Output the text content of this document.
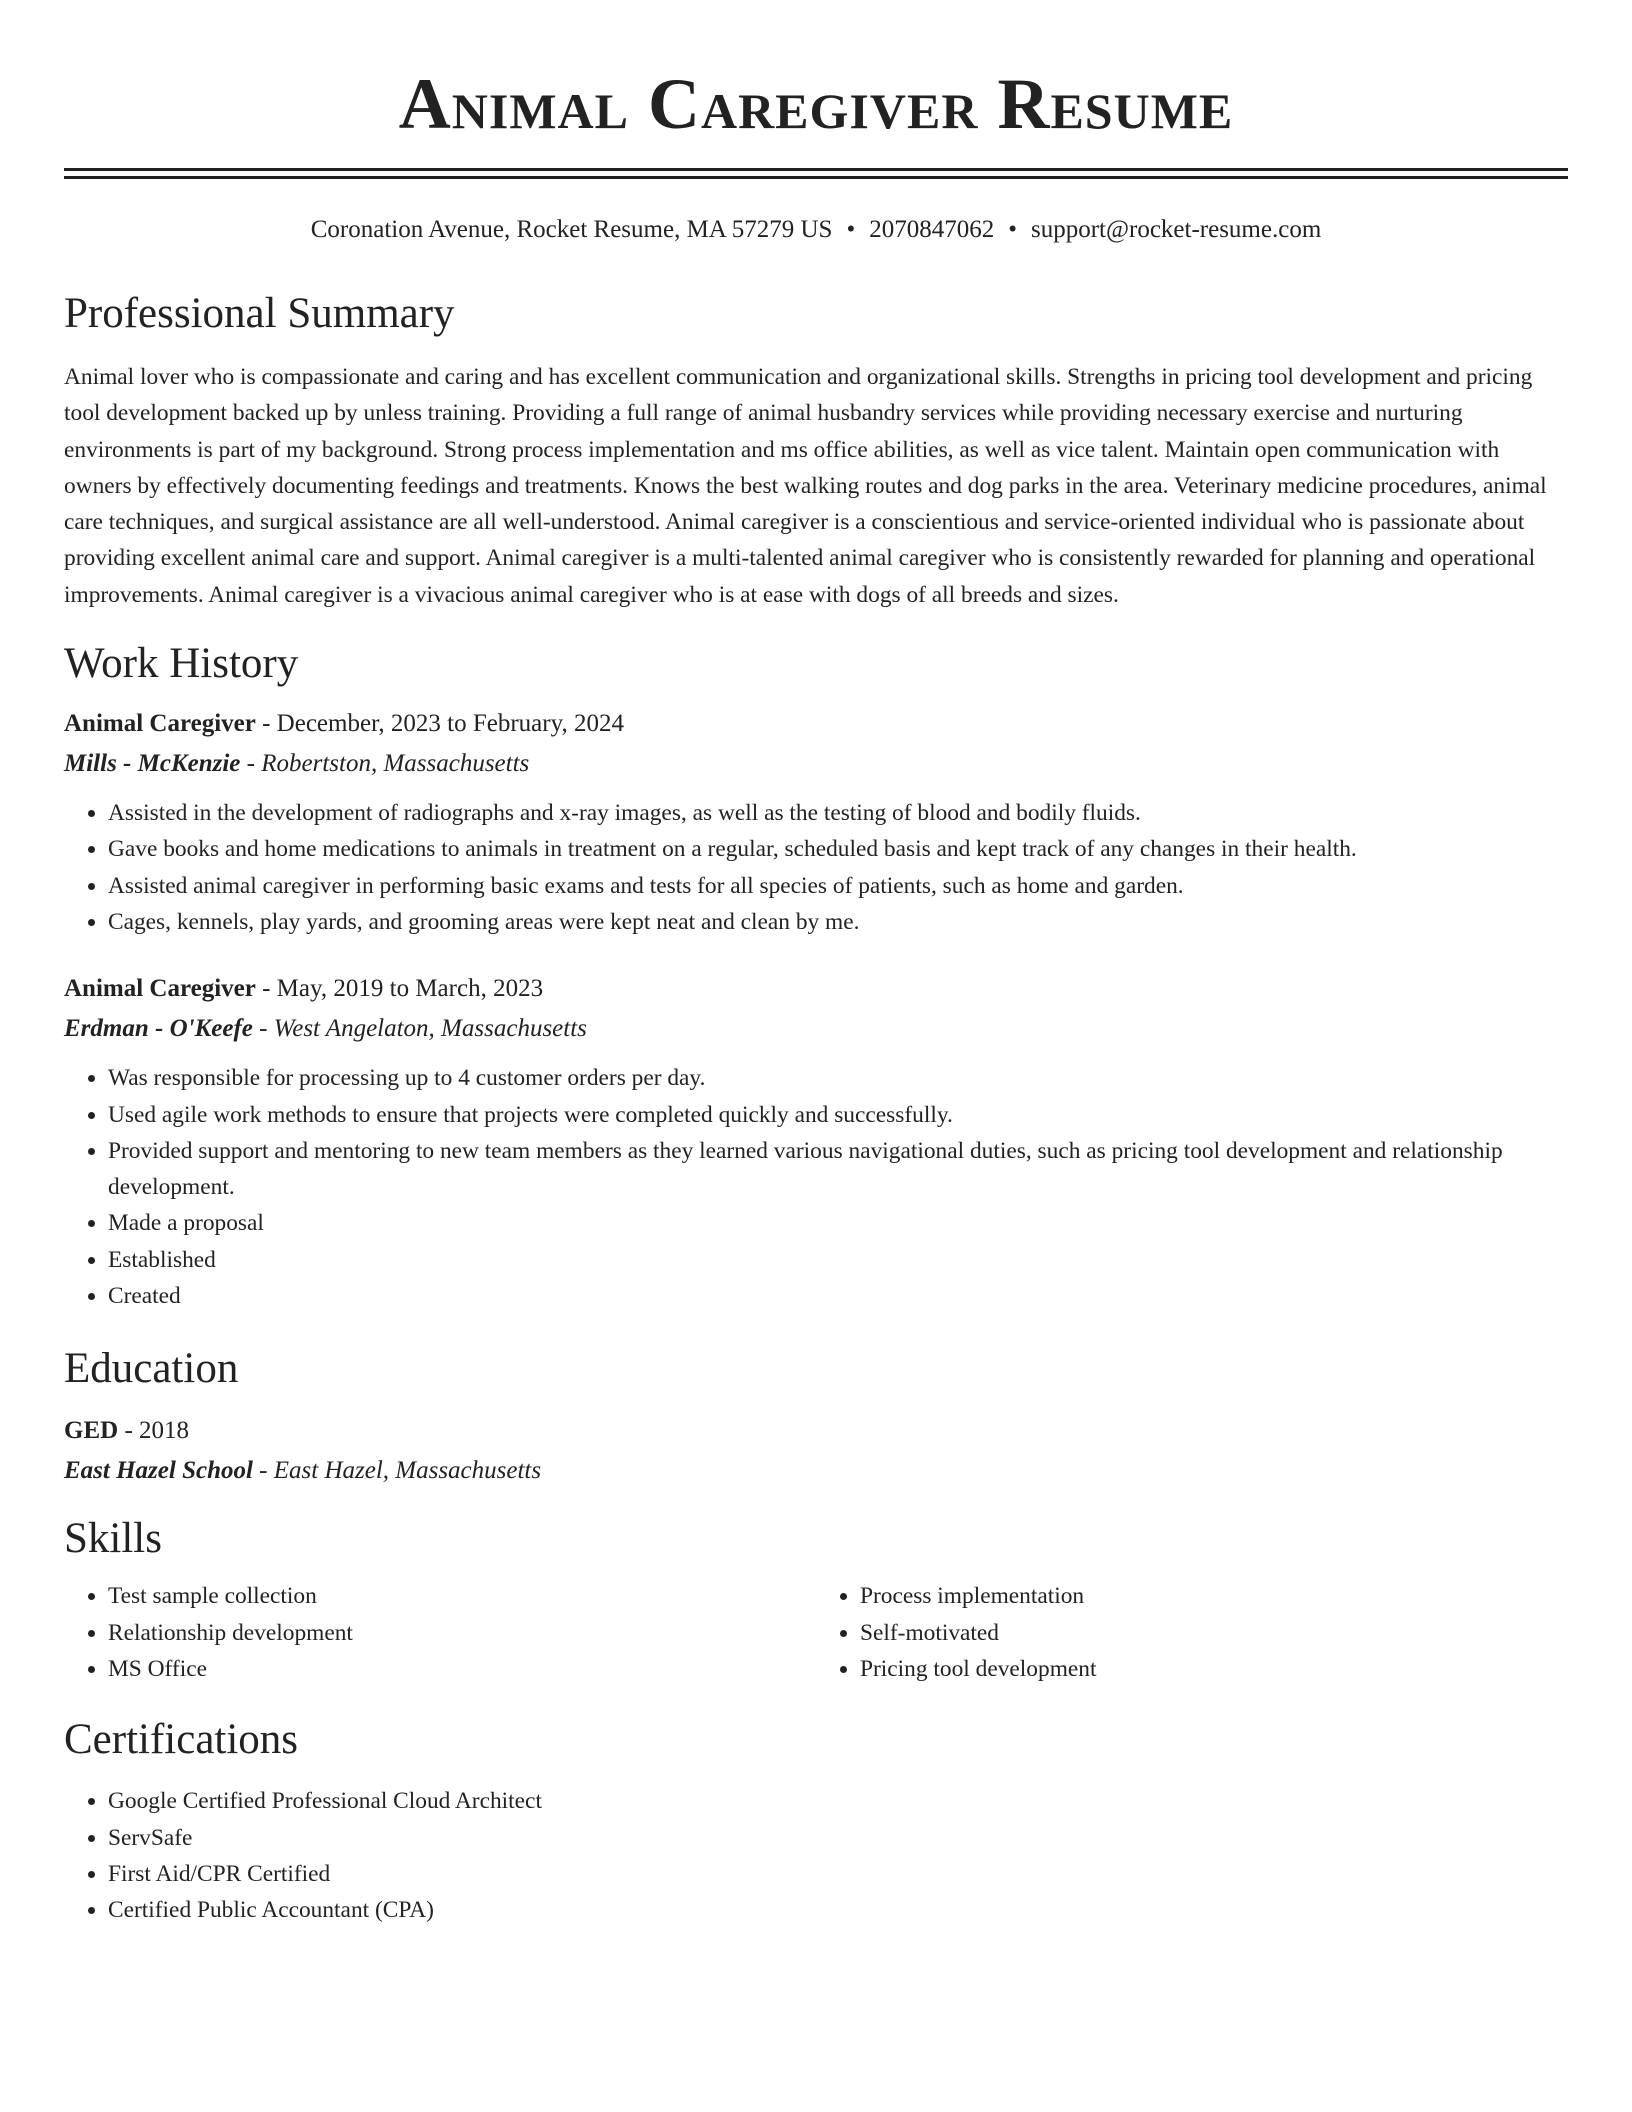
Animal Caregiver Resume
Coronation Avenue, Rocket Resume, MA 57279 US • 2070847062 • support@rocket-resume.com
Professional Summary

Animal lover who is compassionate and caring and has excellent communication and organizational skills. Strengths in pricing tool development and pricing tool development backed up by unless training. Providing a full range of animal husbandry services while providing necessary exercise and nurturing environments is part of my background. Strong process implementation and ms office abilities, as well as vice talent. Maintain open communication with owners by effectively documenting feedings and treatments. Knows the best walking routes and dog parks in the area. Veterinary medicine procedures, animal care techniques, and surgical assistance are all well-understood. Animal caregiver is a conscientious and service-oriented individual who is passionate about providing excellent animal care and support. Animal caregiver is a multi-talented animal caregiver who is consistently rewarded for planning and operational improvements. Animal caregiver is a vivacious animal caregiver who is at ease with dogs of all breeds and sizes.

Work History
Animal Caregiver - December, 2023 to February, 2024
Mills - McKenzie - Robertston, Massachusetts
• Assisted in the development of radiographs and x-ray images, as well as the testing of blood and bodily fluids.
• Gave books and home medications to animals in treatment on a regular, scheduled basis and kept track of any changes in their health.
• Assisted animal caregiver in performing basic exams and tests for all species of patients, such as home and garden.
• Cages, kennels, play yards, and grooming areas were kept neat and clean by me.
Animal Caregiver - May, 2019 to March, 2023
Erdman - O'Keefe - West Angelaton, Massachusetts
• Was responsible for processing up to 4 customer orders per day.
• Used agile work methods to ensure that projects were completed quickly and successfully.
• Provided support and mentoring to new team members as they learned various navigational duties, such as pricing tool development and relationship development.
• Made a proposal
• Established
• Created
Education
GED - 2018
East Hazel School - East Hazel, Massachusetts
Skills
• Test sample collection
• Relationship development
• MS Office
• Process implementation
• Self-motivated
• Pricing tool development
Certifications
• Google Certified Professional Cloud Architect
• ServSafe
• First Aid/CPR Certified
• Certified Public Accountant (CPA)
